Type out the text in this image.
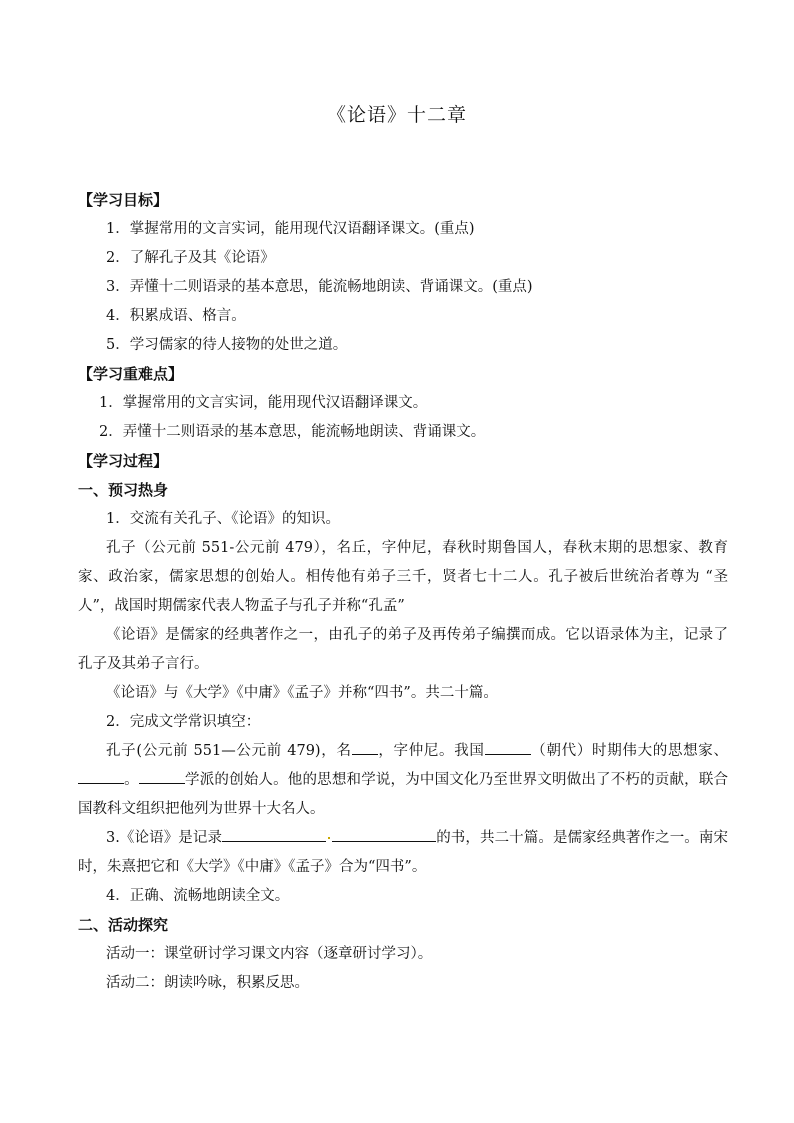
《论语》十二章
【学习目标】
1．掌握常用的文言实词，能用现代汉语翻译课文。(重点)
2．了解孔子及其《论语》
3．弄懂十二则语录的基本意思，能流畅地朗读、背诵课文。(重点)
4．积累成语、格言。
5．学习儒家的待人接物的处世之道。
【学习重难点】
1．掌握常用的文言实词，能用现代汉语翻译课文。
2．弄懂十二则语录的基本意思，能流畅地朗读、背诵课文。
【学习过程】
一、预习热身
1．交流有关孔子、《论语》的知识。
孔子（公元前 551-公元前 479），名丘，字仲尼，春秋时期鲁国人，春秋末期的思想家、教育家、政治家，儒家思想的创始人。相传他有弟子三千，贤者七十二人。孔子被后世统治者尊为 “圣人”，战国时期儒家代表人物孟子与孔子并称“孔孟”
《论语》是儒家的经典著作之一，由孔子的弟子及再传弟子编撰而成。它以语录体为主，记录了孔子及其弟子言行。
《论语》与《大学》《中庸》《孟子》并称“四书”。共二十篇。
2．完成文学常识填空：
孔子(公元前 551—公元前 479)，名 ，字仲尼。我国	（朝代）时期伟大的思想家、。	学派的创始人。他的思想和学说，为中国文化乃至世界文明做出了不朽的贡献，联合国教科文组织把他列为世界十大名人。
3.《论语》是记录	的书，共二十篇。是儒家经典著作之一。南宋时，朱熹把它和《大学》《中庸》《孟子》合为“四书”。
4．正确、流畅地朗读全文。
二、活动探究
活动一：课堂研讨学习课文内容（逐章研讨学习）。
活动二：朗读吟咏，积累反思。
